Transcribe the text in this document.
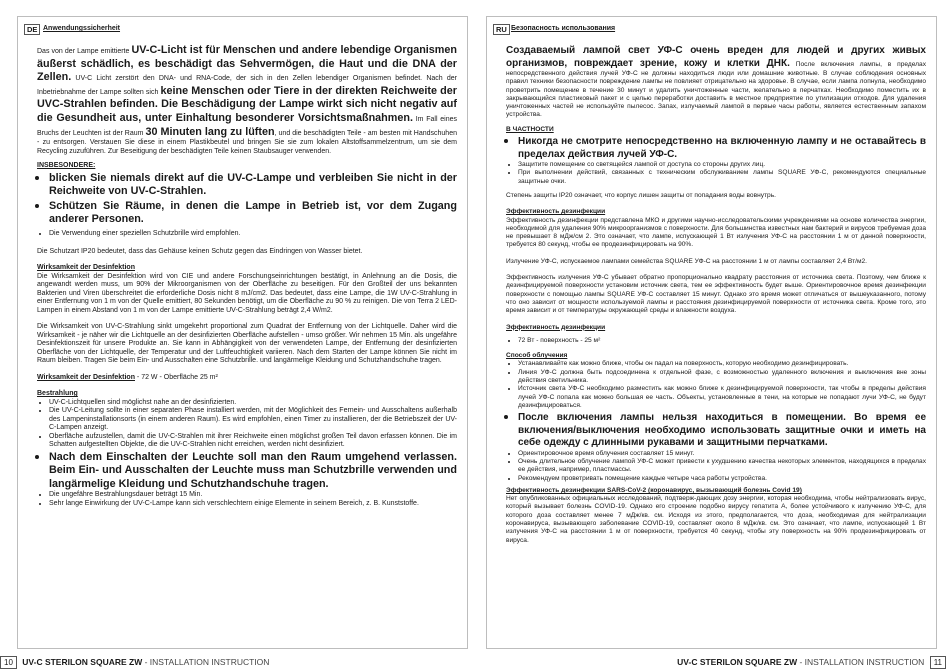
DE Anwendungssicherheit

Das von der Lampe emittierte UV-C-Licht ist für Menschen und andere lebendige Organismen äußerst schädlich, es beschädigt das Sehvermögen, die Haut und die DNA der Zellen. UV-C Licht zerstört den DNA- und RNA-Code, der sich in den Zellen lebendiger Organismen befindet. Nach der Inbetriebnahme der Lampe sollten sich keine Menschen oder Tiere in der direkten Reichweite der UVC-Strahlen befinden. Die Beschädigung der Lampe wirkt sich nicht negativ auf die Gesundheit aus, unter Einhaltung besonderer Vorsichtsmaßnahmen. Im Fall eines Bruchs der Leuchten ist der Raum 30 Minuten lang zu lüften, und die beschädigten Teile - am besten mit Handschuhen - zu entsorgen. Verstauen Sie diese in einem Plastikbeutel und bringen Sie sie zum lokalen Altstoffsammelzentrum, um sie dem Recycling zuzuführen. Zur Beseitigung der beschädigten Teile keinen Staubsauger verwenden.

INSBESONDERE:
• blicken Sie niemals direkt auf die UV-C-Lampe und verbleiben Sie nicht in der Reichweite von UV-C-Strahlen.
• Schützen Sie Räume, in denen die Lampe in Betrieb ist, vor dem Zugang anderer Personen.
• Die Verwendung einer speziellen Schutzbrille wird empfohlen.

Die Schutzart IP20 bedeutet, dass das Gehäuse keinen Schutz gegen das Eindringen von Wasser bietet.

Wirksamkeit der Desinfektion

Die Wirksamkeit der Desinfektion wird von CIE und andere Forschungseinrichtungen bestätigt, in Anlehnung an die Dosis, die angewandt werden muss, um 90% der Mikroorganismen von der Oberfläche zu beseitigen. Für den Großteil der uns bekannten Bakterien und Viren überschreitet die erforderliche Dosis nicht 8 mJ/cm2. Das bedeutet, dass eine Lampe, die 1W UV-C-Strahlung in einer Entfernung von 1 m von der Quelle emittiert, 80 Sekunden benötigt, um die Oberfläche zu 90 % zu reinigen. Die von Terra 2 LED-Lampen in einem Abstand von 1 m von der Lampe emittierte UV-C-Strahlung beträgt 2,4 W/m2.

Die Wirksamkeit von UV-C-Strahlung sinkt umgekehrt proportional zum Quadrat der Entfernung von der Lichtquelle. Daher wird die Wirksamkeit - je näher wir die Lichtquelle an der desinfizierten Oberfläche aufstellen - umso größer. Wir nehmen 15 Min. als ungefähre Desinfektionszeit für unsere Produkte an. Sie kann in Abhängigkeit von der verwendeten Lampe, der Entfernung der desinfizierten Oberfläche von der Lichtquelle, der Temperatur und der Luftfeuchtigkeit variieren. Nach dem Starten der Lampe können Sie nicht im Raum bleiben. Tragen Sie beim Ein- und Ausschalten eine Schutzbrille. und langärmelige Kleidung und Schutzhandschuhe tragen.

Wirksamkeit der Desinfektion - 72 W - Oberfläche 25 m²

Bestrahlung
• UV-C-Lichtquellen sind möglichst nahe an der desinfizierten.
• Die UV-C-Leitung sollte in einer separaten Phase installiert werden, mit der Möglichkeit des Fernein- und Ausschaltens außerhalb des Lampeninstallationsorts (in einem anderen Raum). Es wird empfohlen, einen Timer zu installieren, der die Betriebszeit der UV-C-Lampen anzeigt.
• Oberfläche aufzustellen, damit die UV-C-Strahlen mit ihrer Reichweite einen möglichst großen Teil davon erfassen können. Die im Schatten aufgestellten Objekte, die die UV-C-Strahlen nicht erreichen, werden nicht desinfiziert.
• Nach dem Einschalten der Leuchte soll man den Raum umgehend verlassen. Beim Ein- und Ausschalten der Leuchte muss man Schutzbrille verwenden und langärmelige Kleidung und Schutzhandschuhe tragen.
• Die ungefähre Bestrahlungsdauer beträgt 15 Min.
• Sehr lange Einwirkung der UV-C-Lampe kann sich verschlechtern einige Elemente in seinem Bereich, z. B. Kunststoffe.
RU Безопасность использования

Создаваемый лампой свет УФ-С очень вреден для людей и других живых организмов, повреждает зрение, кожу и клетки ДНК. После включения лампы, в пределах непосредственного действия лучей УФ-С не должны находиться люди или домашние животные. В случае соблюдения основных правил техники безопасности повреждение лампы не повлияет отрицательно на здоровье. В случае, если лампа лопнула, необходимо проветрить помещение в течение 30 минут и удалить уничтоженные части, желательно в перчатках. Необходимо поместить их в закрывающийся пластиковый пакет и с целью переработки доставить в местное предприятие по утилизации отходов. Для удаления уничтоженных частей не используйте пылесос. Запах, излучаемый лампой в первые часы работы, является естественным запахом устройства.

В ЧАСТНОСТИ
• Никогда не смотрите непосредственно на включенную лампу и не оставайтесь в пределах действия лучей УФ-С.
• Защитите помещение со светящейся лампой от доступа со стороны других лиц.
• При выполнении действий, связанных с техническим обслуживанием лампы SQUARE УФ-С, рекомендуются специальные защитные очки.

Степень защиты IP20 означает, что корпус лишен защиты от попадания воды вовнутрь.

Эффективность дезинфекции

Эффективность дезинфекции представлена МКО и другими научно-исследовательскими учреждениями на основе количества энергии, необходимой для удаления 90% микроорганизмов с поверхности. Для большинства известных нам бактерий и вирусов требуемая доза не превышает 8 мДж/см 2. Это означает, что лампе, испускающей 1 Вт излучения УФ-С на расстоянии 1 м от данной поверхности, требуется 80 секунд, чтобы ее продезинфицировать на 90%.

Излучение УФ-С, испускаемое лампами семейства SQUARE УФ-С на расстоянии 1 м от лампы составляет 2,4 Вт/м2.

Эффективность излучения УФ-С убывает обратно пропорционально квадрату расстояния от источника света. Поэтому, чем ближе к дезинфицируемой поверхности установим источник света, тем ее эффективность будет выше. Ориентировочное время дезинфекции поверхности с помощью лампы SQUARE УФ-С составляет 15 минут. Однако это время может отличаться от вышеуказанного, потому что оно зависит от мощности используемой лампы и расстояния дезинфицируемой поверхности от источника света. Кроме того, это время зависит и от температуры окружающей среды и влажности воздуха.

Эффективность дезинфекции
• 72 Вт - поверхность - 25 м²
Способ облучения
• Устанавливайте как можно ближе, чтобы он падал на поверхность, которую необходимо дезинфицировать.
• Линия УФ-С должна быть подсоединена к отдельной фазе, с возможностью удаленного включения и выключения вне зоны действия светильника.
• Источник света УФ-С необходимо разместить как можно ближе к дезинфицируемой поверхности, так чтобы в пределы действия лучей УФ-С попала как можно большая ее часть. Объекты, установленные в тени, на которые не попадают лучи УФ-С, не будут дезинфицироваться.
• После включения лампы нельзя находиться в помещении. Во время ее включения/выключения необходимо использовать защитные очки и иметь на себе одежду с длинными рукавами и защитными перчатками.
• Ориентировочное время облучения составляет 15 минут.
• Очень длительное облучение лампой УФ-С может привести к ухудшению качества некоторых элементов, находящихся в пределах ее действия, например, пластмассы.
• Рекомендуем проветривать помещение каждые четыре часа работы устройства.
Эффективность дезинфекции SARS-CoV-2 (коронавирус, вызывающий болезнь Covid 19)

Нет опубликованных официальных исследований, подтверж-дающих дозу энергии, которая необходима, чтобы нейтрализовать вирус, который вызывает болезнь COVID-19. Однако его строение подобно вирусу гепатита А, более устойчивого к излучению УФ-С, для которого доза составляет менее 7 мДж/кв. см. Исходя из этого, предполагается, что доза, необходимая для нейтрализации коронавируса, вызывающего заболевание COVID-19, составляет около 8 мДж/кв. см. Это означает, что лампе, испускающей 1 Вт излучения УФ-С на расстоянии 1 м от поверхности, требуется 40 секунд, чтобы эту поверхность на 90% продезинфицировать от вируса.

10 UV-C STERILON SQUARE ZW - INSTALLATION INSTRUCTION	UV-C STERILON SQUARE ZW - INSTALLATION INSTRUCTION 11
